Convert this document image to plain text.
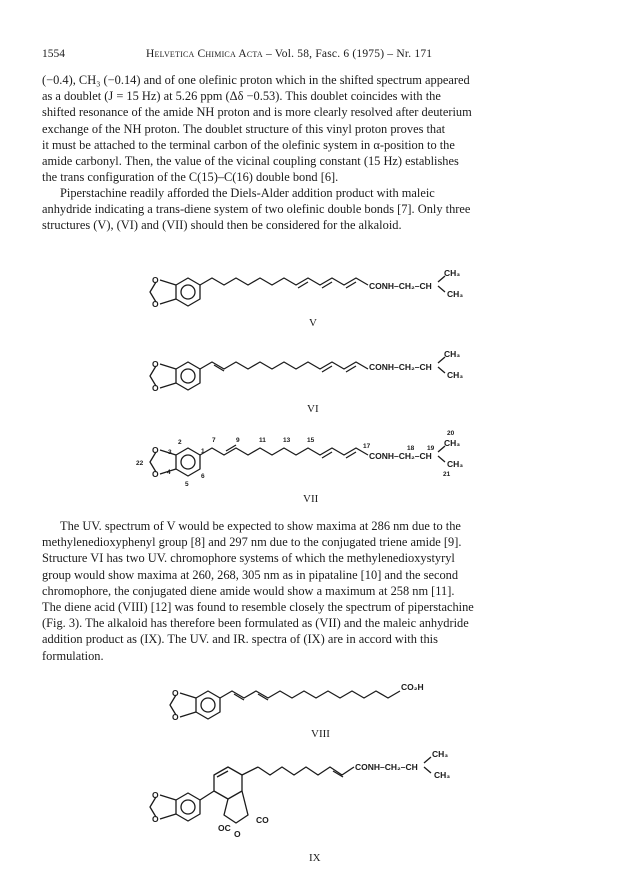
1554	Helvetica Chimica Acta – Vol. 58, Fasc. 6 (1975) – Nr. 171

(−0.4), CH₃ (−0.14) and of one olefinic proton which in the shifted spectrum appeared

as a doublet (J = 15 Hz) at 5.26 ppm (Δδ −0.53). This doublet coincides with the

shifted resonance of the amide NH proton and is more clearly resolved after deuterium

exchange of the NH proton. The doublet structure of this vinyl proton proves that

it must be attached to the terminal carbon of the olefinic system in α-position to the

amide carbonyl. Then, the value of the vicinal coupling constant (15 Hz) establishes

the trans configuration of the C(15)–C(16) double bond [6].

Piperstachine readily afforded the Diels-Alder addition product with maleic

anhydride indicating a trans-diene system of two olefinic double bonds [7]. Only three

structures (V), (VI) and (VII) should then be considered for the alkaloid.

O
O
CONH–CH₂–CH
CH₃
CH₃
V
O
O
CONH–CH₂–CH
CH₃
CH₃
VI
O
O
CONH–CH₂–CH
CH₃
CH₃
1
2
3
4
5
6
7	9	11	13	15
17	18 19
20
21
22
VII

The UV. spectrum of V would be expected to show maxima at 286 nm due to the

methylenedioxyphenyl group [8] and 297 nm due to the conjugated triene amide [9].

Structure VI has two UV. chromophore systems of which the methylenedioxystyryl

group would show maxima at 260, 268, 305 nm as in pipataline [10] and the second

chromophore, the conjugated diene amide would show a maximum at 258 nm [11].

The diene acid (VIII) [12] was found to resemble closely the spectrum of piperstachine

(Fig. 3). The alkaloid has therefore been formulated as (VII) and the maleic anhydride

addition product as (IX). The UV. and IR. spectra of (IX) are in accord with this

formulation.

O
O
CO₂H
VIII
O
O	CO
OC
O
CONH–CH₂–CH
CH₃
CH₃
IX
